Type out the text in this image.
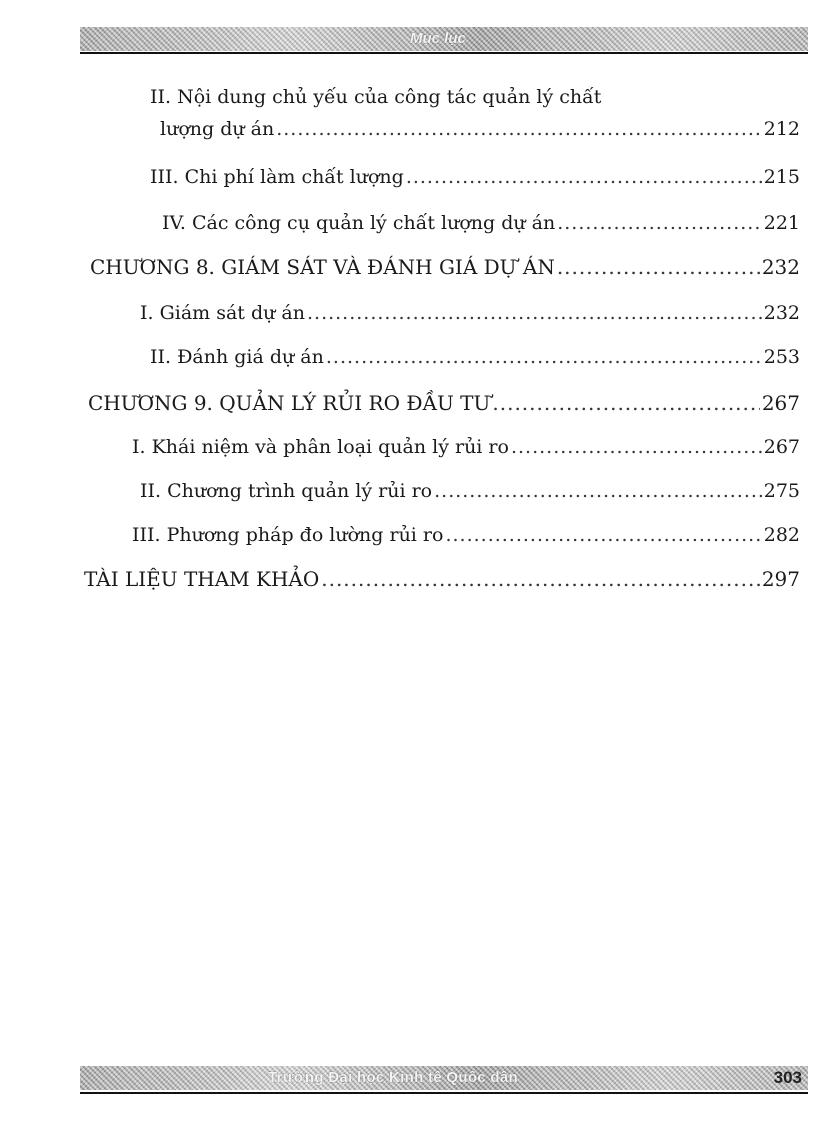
Mục lục
II. Nội dung chủ yếu của công tác quản lý chất
lượng dự án .....	212
III. Chi phí làm chất lượng .....	215
IV. Các công cụ quản lý chất lượng dự án .....	221
CHƯƠNG 8. GIÁM SÁT VÀ ĐÁNH GIÁ DỰ ÁN .....	232
I. Giám sát dự án .....	232
II. Đánh giá dự án .....	253
CHƯƠNG 9. QUẢN LÝ RỦI RO ĐẦU TƯ .....	267
I. Khái niệm và phân loại quản lý rủi ro .....	267
II. Chương trình quản lý rủi ro .....	275
III. Phương pháp đo lường rủi ro .....	282
TÀI LIỆU THAM KHẢO .....	297
Trường Đại học Kinh tế Quốc dân	303
